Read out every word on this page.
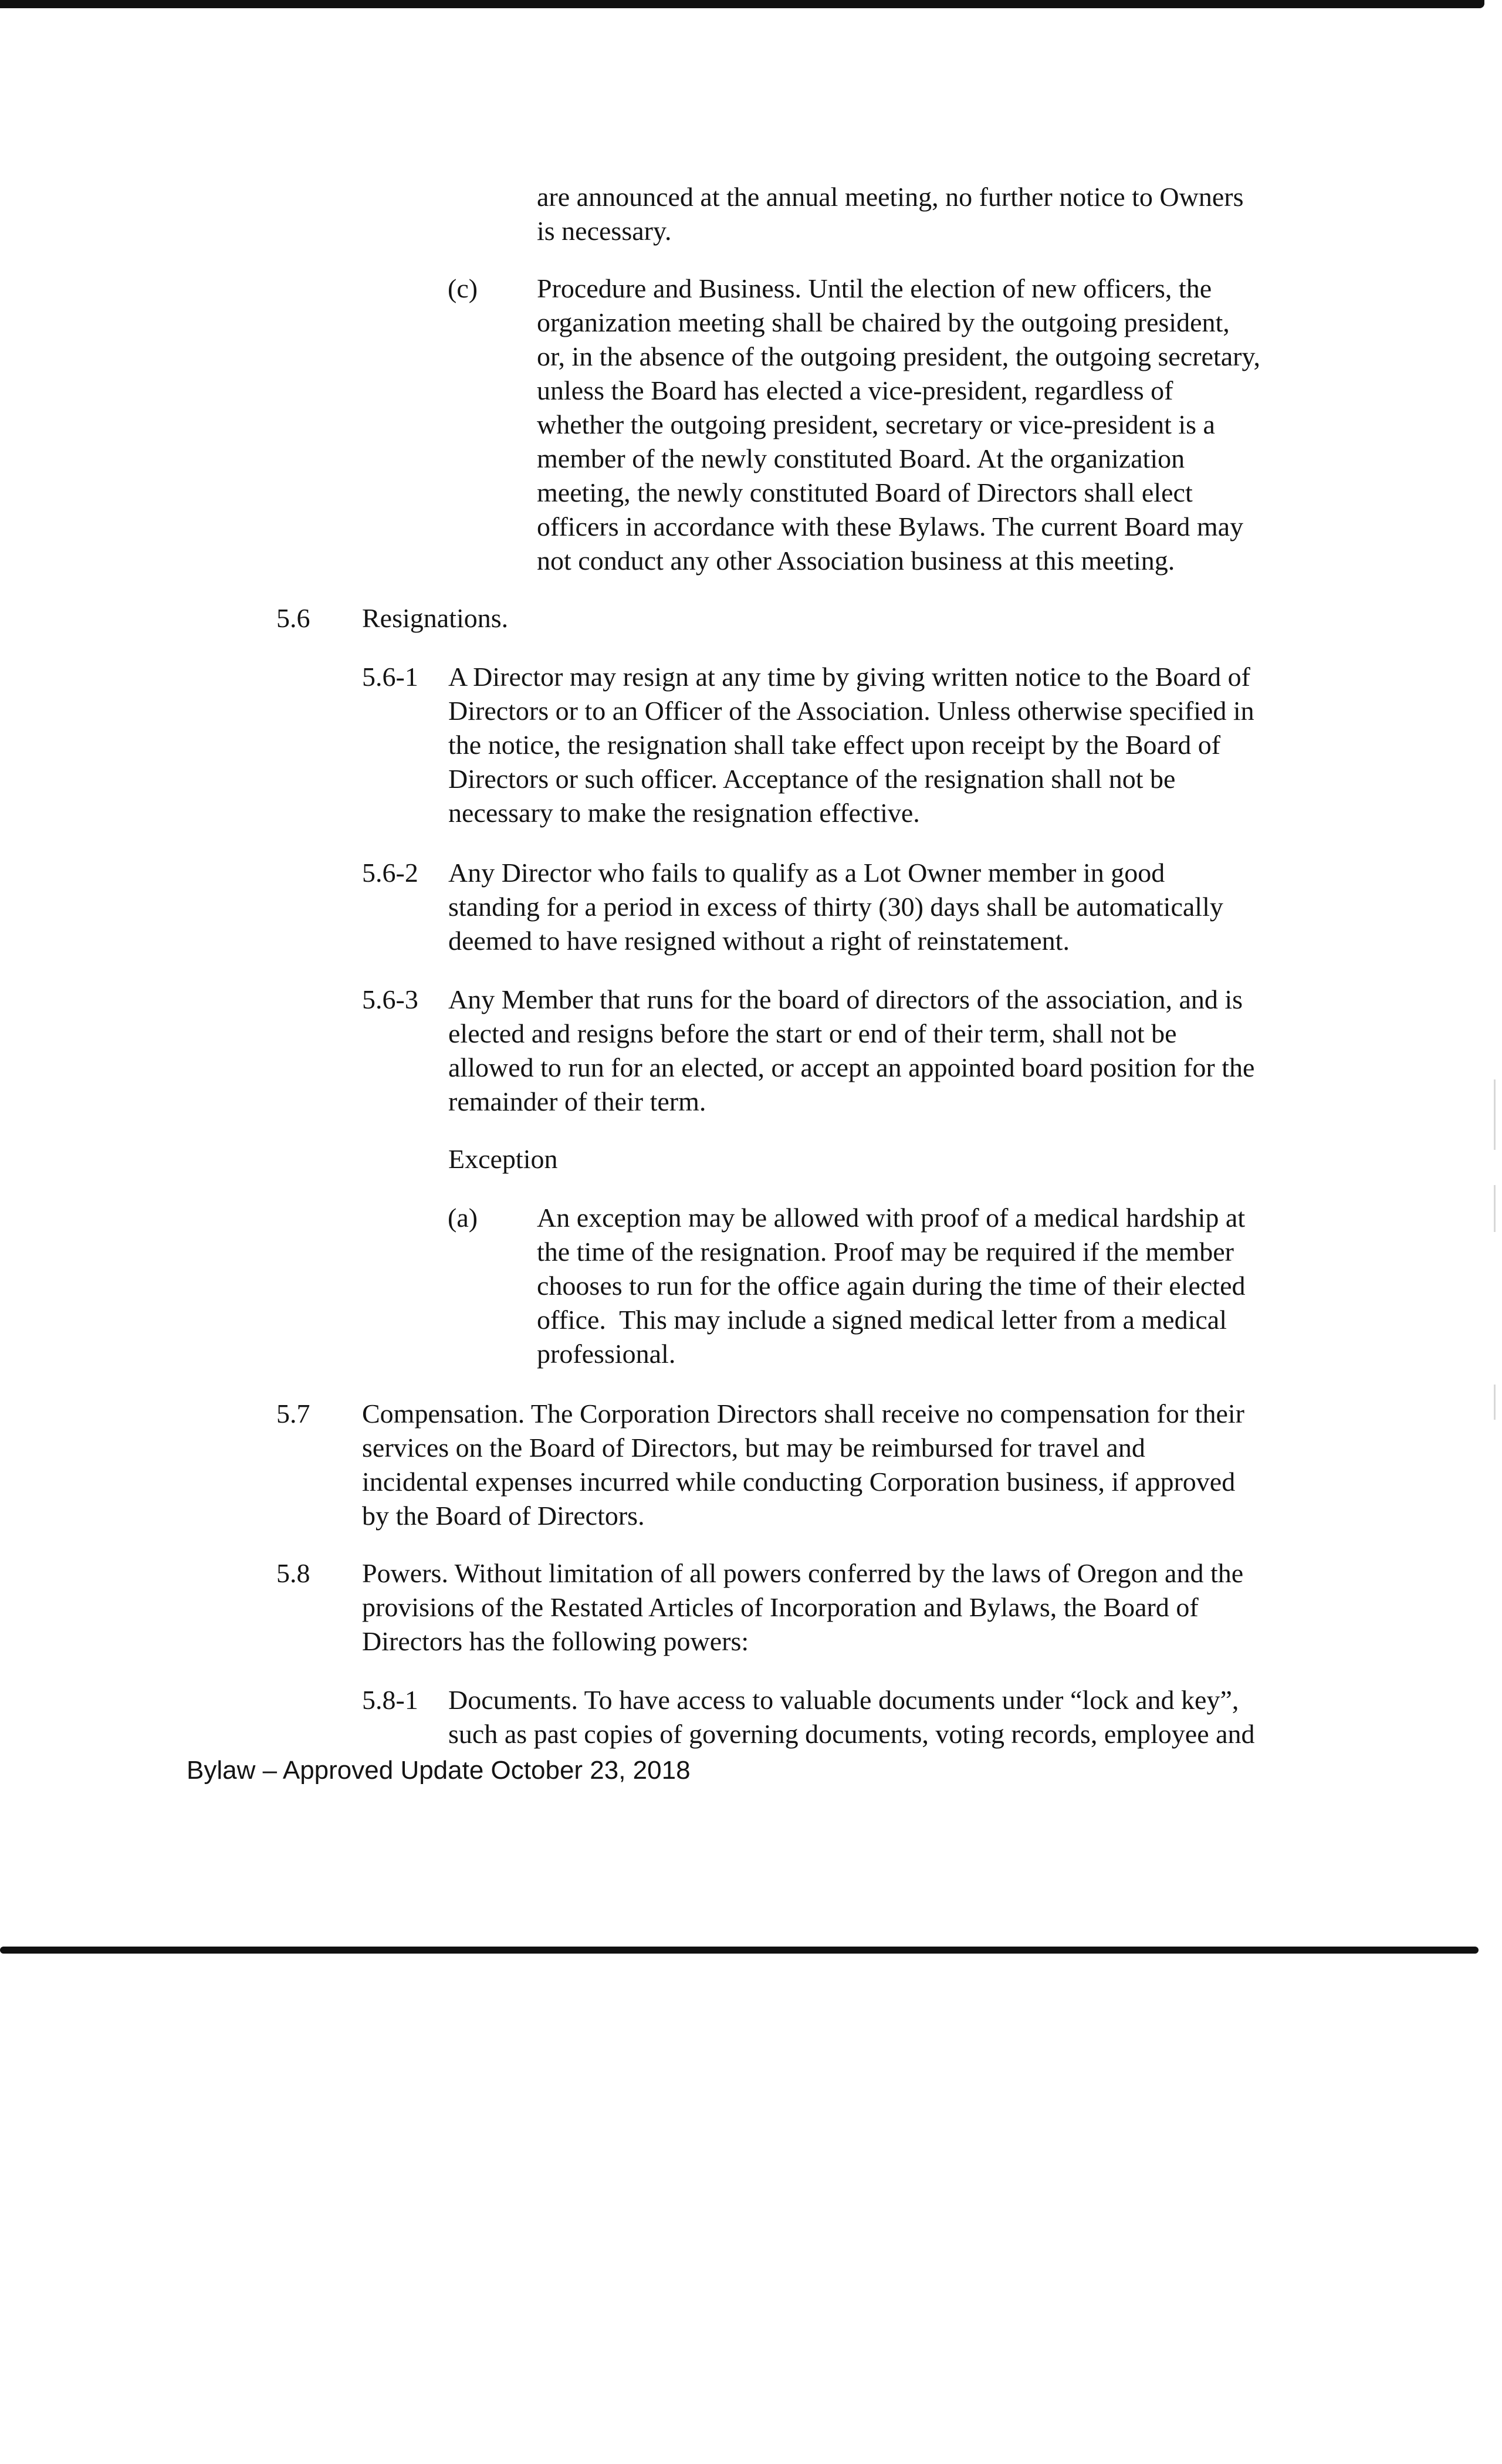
are announced at the annual meeting, no further notice to Owners

is necessary.

(c) Procedure and Business. Until the election of new officers, the

organization meeting shall be chaired by the outgoing president,

or, in the absence of the outgoing president, the outgoing secretary,

unless the Board has elected a vice-president, regardless of

whether the outgoing president, secretary or vice-president is a

member of the newly constituted Board. At the organization

meeting, the newly constituted Board of Directors shall elect

officers in accordance with these Bylaws. The current Board may

not conduct any other Association business at this meeting.

5.6 Resignations.
5.6-1 A Director may resign at any time by giving written notice to the Board of

Directors or to an Officer of the Association. Unless otherwise specified in

the notice, the resignation shall take effect upon receipt by the Board of

Directors or such officer. Acceptance of the resignation shall not be

necessary to make the resignation effective.

5.6-2 Any Director who fails to qualify as a Lot Owner member in good

standing for a period in excess of thirty (30) days shall be automatically

deemed to have resigned without a right of reinstatement.

5.6-3 Any Member that runs for the board of directors of the association, and is

elected and resigns before the start or end of their term, shall not be

allowed to run for an elected, or accept an appointed board position for the

remainder of their term.

Exception

(a) An exception may be allowed with proof of a medical hardship at

the time of the resignation. Proof may be required if the member

chooses to run for the office again during the time of their elected

office.  This may include a signed medical letter from a medical

professional.

5.7 Compensation. The Corporation Directors shall receive no compensation for their

services on the Board of Directors, but may be reimbursed for travel and

incidental expenses incurred while conducting Corporation business, if approved

by the Board of Directors.

5.8 Powers. Without limitation of all powers conferred by the laws of Oregon and the

provisions of the Restated Articles of Incorporation and Bylaws, the Board of

Directors has the following powers:

5.8-1 Documents. To have access to valuable documents under “lock and key”,

such as past copies of governing documents, voting records, employee and

Bylaw – Approved Update October 23, 2018
